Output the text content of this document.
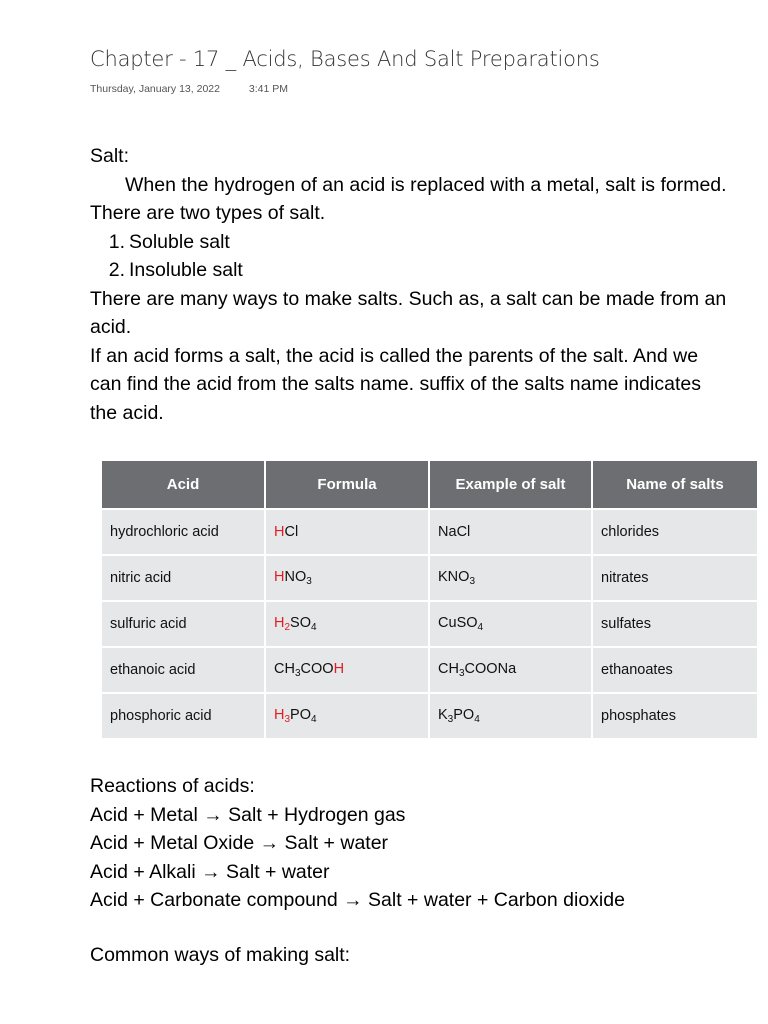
Chapter - 17 _ Acids, Bases And Salt Preparations
Thursday, January 13, 2022	3:41 PM

Salt:

When the hydrogen of an acid is replaced with a metal, salt is formed.

There are two types of salt.

1. Soluble salt

2. Insoluble salt

There are many ways to make salts. Such as, a salt can be made from an acid.

If an acid forms a salt, the acid is called the parents of the salt. And we can find the acid from the salts name. suffix of the salts name indicates the acid.

Acid	Formula	Example of salt	Name of salts
hydrochloric acid	HCl	NaCl	chlorides
nitric acid	$HNO_3$	$KNO_3$	nitrates
sulfuric acid	$H_2SO_4$	CuSO$_4$	sulfates
ethanoic acid	$CH_3COOH$	$CH_3COONa$	ethanoates
phosphoric acid	$H_3PO_4$	$K_3PO_4$	phosphates

Reactions of acids:

Acid + Metal → Salt + Hydrogen gas

Acid + Metal Oxide → Salt + water

Acid + Alkali → Salt + water

Acid + Carbonate compound → Salt + water + Carbon dioxide

Common ways of making salt:
